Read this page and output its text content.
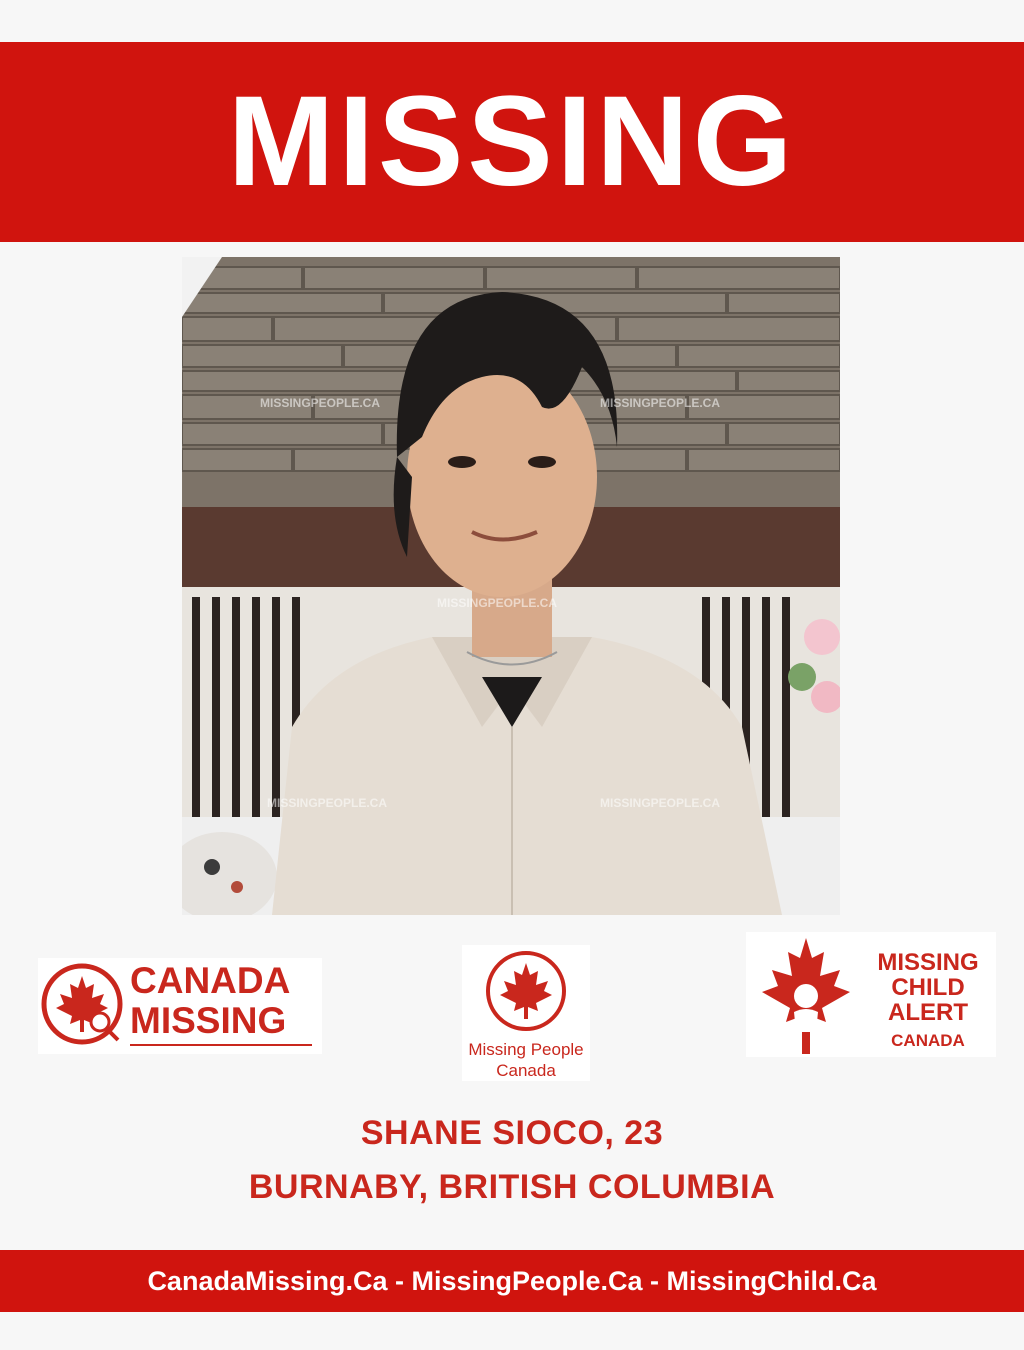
MISSING
MISSINGPEOPLE.CA	MISSINGPEOPLE.CA
MISSINGPEOPLE.CA
MISSINGPEOPLE.CA	MISSINGPEOPLE.CA
CANADA
MISSING
Missing People
Canada
MISSING
CHILD
ALERT
CANADA
SHANE SIOCO, 23
BURNABY, BRITISH COLUMBIA
CanadaMissing.Ca - MissingPeople.Ca - MissingChild.Ca
